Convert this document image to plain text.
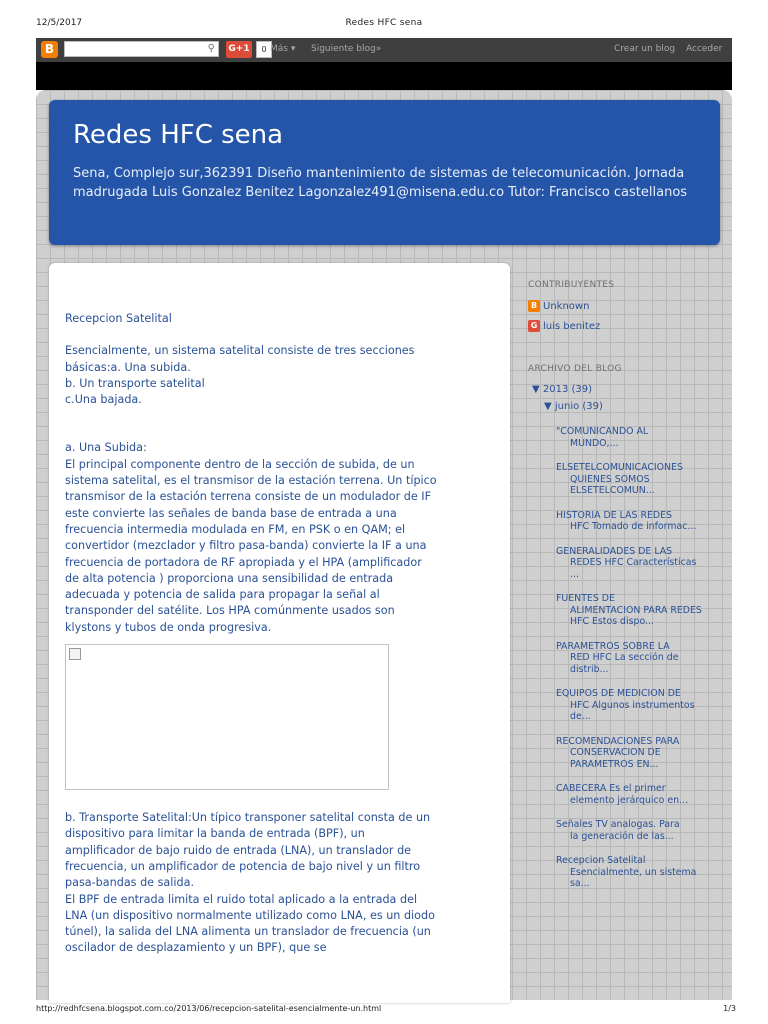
12/5/2017	Redes HFC sena
B	⚲ G+1	0 Más ▾ Siguiente blog»	Crear un blog Acceder
Redes HFC sena
Sena, Complejo sur,362391 Diseño mantenimiento de sistemas de telecomunicación. Jornada madrugada Luis Gonzalez Benitez Lagonzalez491@misena.edu.co Tutor: Francisco castellanos

Recepcion Satelital

Esencialmente, un sistema satelital consiste de tres secciones básicas:a. Una subida.

b. Un transporte satelital

c.Una bajada.

a. Una Subida:

El principal componente dentro de la sección de subida, de un sistema satelital, es el transmisor de la estación terrena. Un típico transmisor de la estación terrena consiste de un modulador de IF este convierte las señales de banda base de entrada a una frecuencia intermedia modulada en FM, en PSK o en QAM; el convertidor (mezclador y filtro pasa-banda) convierte la IF a una frecuencia de portadora de RF apropiada y el HPA (amplificador de alta potencia ) proporciona una sensibilidad de entrada adecuada y potencia de salida para propagar la señal al transponder del satélite. Los HPA comúnmente usados son klystons y tubos de onda progresiva.

b. Transporte Satelital:Un típico transponer satelital consta de un dispositivo para limitar la banda de entrada (BPF), un amplificador de bajo ruido de entrada (LNA), un translador de frecuencia, un amplificador de potencia de bajo nivel y un filtro pasa-bandas de salida.

El BPF de entrada limita el ruido total aplicado a la entrada del LNA (un dispositivo normalmente utilizado como LNA, es un diodo túnel), la salida del LNA alimenta un translador de frecuencia (un oscilador de desplazamiento y un BPF), que se

CONTRIBUYENTES
B Unknown
G luis benitez
ARCHIVO DEL BLOG
▼ 2013 (39)
▼ junio (39)
"COMUNICANDO AL
MUNDO,...
ELSETELCOMUNICACIONES
QUIENES SOMOS ELSETELCOMUN...
HISTORIA DE LAS REDES
HFC Tomado de informac...
GENERALIDADES DE LAS
REDES HFC Características ...
FUENTES DE
ALIMENTACION PARA REDES HFC Estos dispo...
PARAMETROS SOBRE LA
RED HFC La sección de distrib...
EQUIPOS DE MEDICION DE
HFC Algunos instrumentos de...
RECOMENDACIONES PARA
CONSERVACION DE PARAMETROS EN...
CABECERA Es el primer
elemento jerárquico en...
Señales TV analogas. Para
la generación de las...
Recepcion Satelital
Esencialmente, un sistema sa...
http://redhfcsena.blogspot.com.co/2013/06/recepcion-satelital-esencialmente-un.html	1/3
